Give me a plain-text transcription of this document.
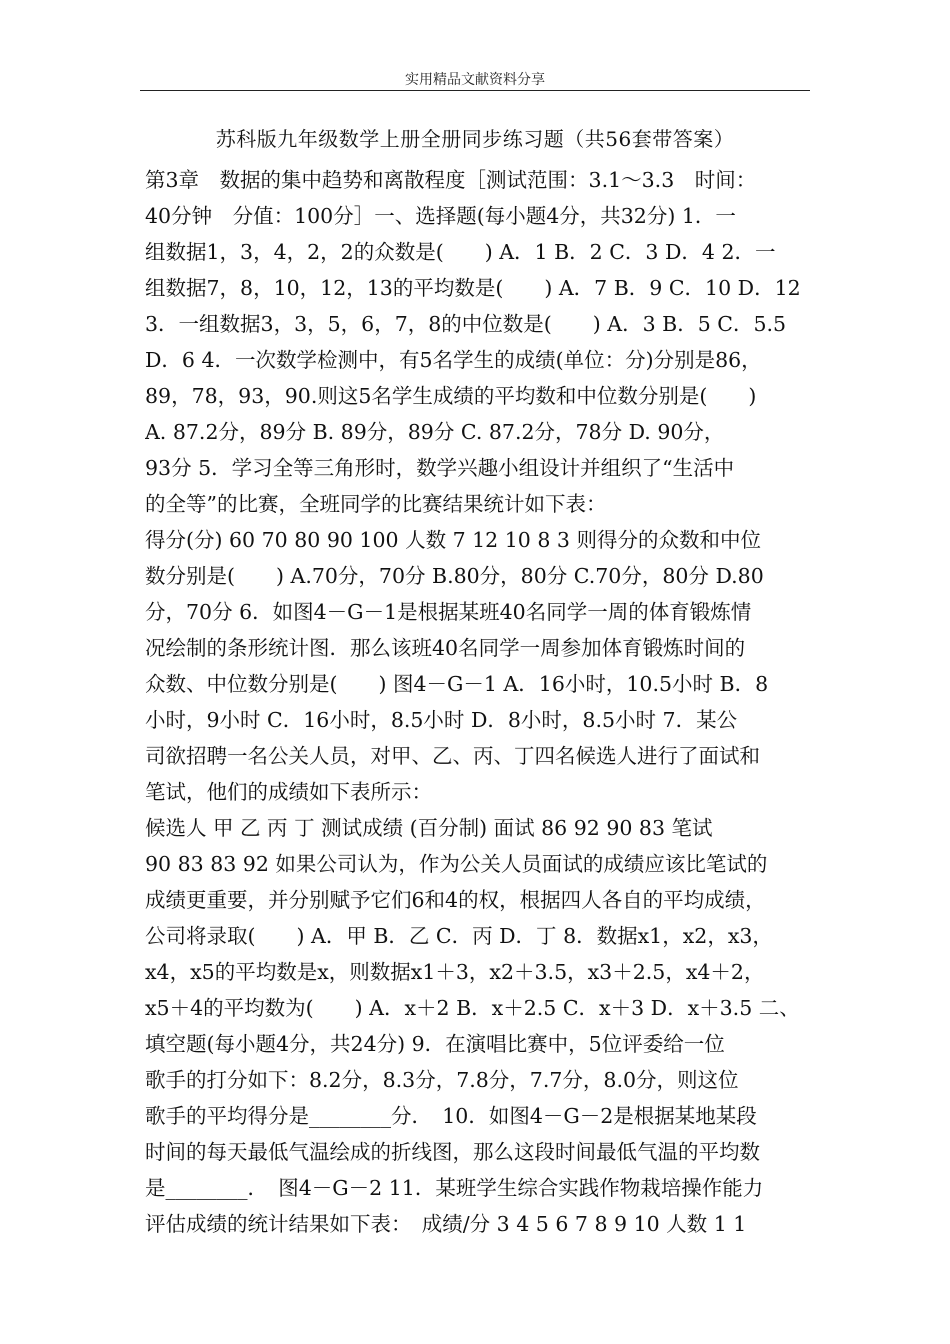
实用精品文献资料分享
苏科版九年级数学上册全册同步练习题（共56套带答案）
第3章　数据的集中趋势和离散程度［测试范围：3.1～3.3　时间：
40分钟　分值：100分］一、选择题(每小题4分，共32分) 1．一
组数据1，3，4，2，2的众数是(　　) A．1 B．2 C．3 D．4 2．一
组数据7，8，10，12，13的平均数是(　　) A．7 B．9 C．10 D．12
3．一组数据3，3，5，6，7，8的中位数是(　　) A．3 B．5 C．5.5
D．6 4．一次数学检测中，有5名学生的成绩(单位：分)分别是86，
89，78，93，90.则这5名学生成绩的平均数和中位数分别是(　　)
A. 87.2分，89分 B. 89分，89分 C. 87.2分，78分 D. 90分，
93分 5．学习全等三角形时，数学兴趣小组设计并组织了“生活中
的全等”的比赛，全班同学的比赛结果统计如下表：
得分(分) 60 70 80 90 100 人数 7 12 10 8 3 则得分的众数和中位
数分别是(　　) A.70分，70分 B.80分，80分 C.70分，80分 D.80
分，70分 6．如图4－G－1是根据某班40名同学一周的体育锻炼情
况绘制的条形统计图．那么该班40名同学一周参加体育锻炼时间的
众数、中位数分别是(　　) 图4－G－1 A．16小时，10.5小时 B．8
小时，9小时 C．16小时，8.5小时 D．8小时，8.5小时 7．某公
司欲招聘一名公关人员，对甲、乙、丙、丁四名候选人进行了面试和
笔试，他们的成绩如下表所示：
候选人 甲 乙 丙 丁 测试成绩 (百分制) 面试 86 92 90 83 笔试
90 83 83 92 如果公司认为，作为公关人员面试的成绩应该比笔试的
成绩更重要，并分别赋予它们6和4的权，根据四人各自的平均成绩，
公司将录取(　　) A．甲 B．乙 C．丙 D．丁 8．数据x1，x2，x3，
x4，x5的平均数是x，则数据x1＋3，x2＋3.5，x3＋2.5，x4＋2，
x5＋4的平均数为(　　) A．x＋2 B．x＋2.5 C．x＋3 D．x＋3.5 二、
填空题(每小题4分，共24分) 9．在演唱比赛中，5位评委给一位
歌手的打分如下：8.2分，8.3分，7.8分，7.7分，8.0分，则这位
歌手的平均得分是________分．　10．如图4－G－2是根据某地某段
时间的每天最低气温绘成的折线图，那么这段时间最低气温的平均数
是________．　图4－G－2 11．某班学生综合实践作物栽培操作能力
评估成绩的统计结果如下表：　成绩/分 3 4 5 6 7 8 9 10 人数 1 1
